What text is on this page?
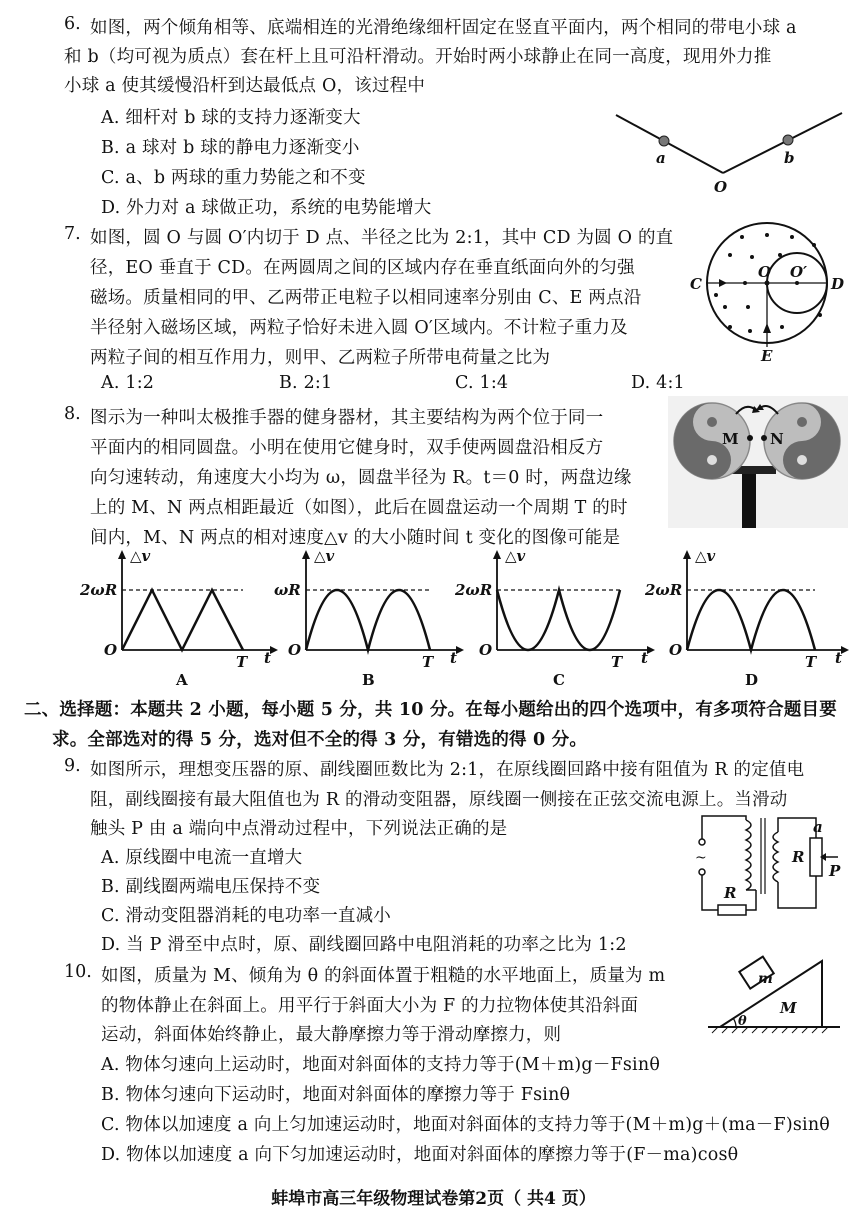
6. 如图，两个倾角相等、底端相连的光滑绝缘细杆固定在竖直平面内，两个相同的带电小球 a
和 b（均可视为质点）套在杆上且可沿杆滑动。开始时两小球静止在同一高度，现用外力推
小球 a 使其缓慢沿杆到达最低点 O，该过程中
A. 细杆对 b 球的支持力逐渐变大
B. a 球对 b 球的静电力逐渐变小
C. a、b 两球的重力势能之和不变
D. 外力对 a 球做正功，系统的电势能增大
a	b
O
7. 如图，圆 O 与圆 O′内切于 D 点、半径之比为 2:1，其中 CD 为圆 O 的直
径，EO 垂直于 CD。在两圆周之间的区域内存在垂直纸面向外的匀强
磁场。质量相同的甲、乙两带正电粒子以相同速率分别由 C、E 两点沿
半径射入磁场区域，两粒子恰好未进入圆 O′区域内。不计粒子重力及
两粒子间的相互作用力，则甲、乙两粒子所带电荷量之比为
A. 1:2	B. 2:1	C. 1:4	D. 4:1
C
O O′
D
E
8. 图示为一种叫太极推手器的健身器材，其主要结构为两个位于同一
平面内的相同圆盘。小明在使用它健身时，双手使两圆盘沿相反方
向匀速转动，角速度大小均为 ω，圆盘半径为 R。t＝0 时，两盘边缘
上的 M、N 两点相距最近（如图），此后在圆盘运动一个周期 T 的时
间内，M、N 两点的相对速度△v 的大小随时间 t 变化的图像可能是
M N
△v
2ωR
O
T t
A
△v
ωR
O
T t
B
△v
2ωR
O
T t
C
△v
2ωR
O
T t
D
二、选择题：本题共 2 小题，每小题 5 分，共 10 分。在每小题给出的四个选项中，有多项符合题目要
求。全部选对的得 5 分，选对但不全的得 3 分，有错选的得 0 分。
9. 如图所示，理想变压器的原、副线圈匝数比为 2:1，在原线圈回路中接有阻值为 R 的定值电
阻，副线圈接有最大阻值也为 R 的滑动变阻器，原线圈一侧接在正弦交流电源上。当滑动
触头 P 由 a 端向中点滑动过程中，下列说法正确的是
A. 原线圈中电流一直增大
B. 副线圈两端电压保持不变
C. 滑动变阻器消耗的电功率一直减小
D. 当 P 滑至中点时，原、副线圈回路中电阻消耗的功率之比为 1:2
~
a
R
P
R
10. 如图，质量为 M、倾角为 θ 的斜面体置于粗糙的水平地面上，质量为 m
的物体静止在斜面上。用平行于斜面大小为 F 的力拉物体使其沿斜面
运动，斜面体始终静止，最大静摩擦力等于滑动摩擦力，则
A. 物体匀速向上运动时，地面对斜面体的支持力等于(M＋m)g－Fsinθ
B. 物体匀速向下运动时，地面对斜面体的摩擦力等于 Fsinθ
C. 物体以加速度 a 向上匀加速运动时，地面对斜面体的支持力等于(M＋m)g＋(ma－F)sinθ
D. 物体以加速度 a 向下匀加速运动时，地面对斜面体的摩擦力等于(F－ma)cosθ
m
M
θ
蚌埠市高三年级物理试卷第2页（ 共4 页）
